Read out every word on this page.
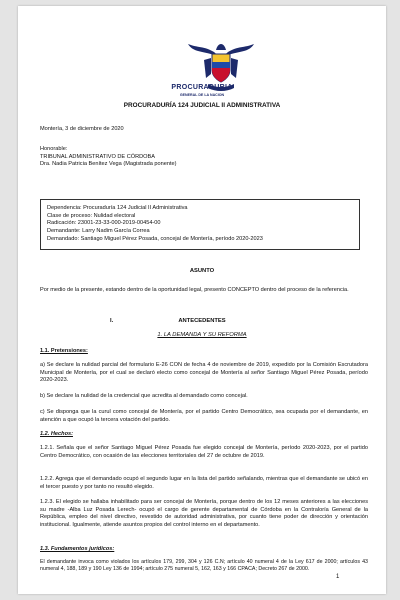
PROCURADURIA
GENERAL DE LA NACION
PROCURADURÍA 124 JUDICIAL II ADMINISTRATIVA
Montería, 3 de diciembre de 2020
Honorable:
TRIBUNAL ADMINISTRATIVO DE CÓRDOBA
Dra. Nadia Patricia Benítez Vega (Magistrada ponente)
Dependencia: Procuraduría 124 Judicial II Administrativa
Clase de proceso: Nulidad electoral
Radicación: 23001-23-33-000-2019-00454-00
Demandante: Larry Nadim García Correa
Demandado: Santiago Miguel Pérez Posada, concejal de Montería, período 2020-2023
ASUNTO
Por medio de la presente, estando dentro de la oportunidad legal, presento CONCEPTO dentro del proceso de la referencia.
I.	ANTECEDENTES
1. LA DEMANDA Y SU REFORMA
1.1. Pretensiones:
a) Se declare la nulidad parcial del formulario E-26 CON de fecha 4 de noviembre de 2019, expedido por la Comisión Escrutadora Municipal de Montería, por el cual se declaró electo como concejal de Montería al señor Santiago Miguel Pérez Posada, período 2020-2023.
b) Se declare la nulidad de la credencial que acredita al demandado como concejal.
c) Se disponga que la curul como concejal de Montería, por el partido Centro Democrático, sea ocupada por el demandante, en atención a que ocupó la tercera votación del partido.
1.2. Hechos:
1.2.1. Señala que el señor Santiago Miguel Pérez Posada fue elegido concejal de Montería, período 2020-2023, por el partido Centro Democrático, con ocasión de las elecciones territoriales del 27 de octubre de 2019.
1.2.2. Agrega que el demandado ocupó el segundo lugar en la lista del partido señalando, mientras que el demandante se ubicó en el tercer puesto y por tanto no resultó elegido.
1.2.3. El elegido se hallaba inhabilitado para ser concejal de Montería, porque dentro de los 12 meses anteriores a las elecciones su madre -Alba Luz Posada Lerech- ocupó el cargo de gerente departamental de Córdoba en la Contraloría General de la República, empleo del nivel directivo, revestido de autoridad administrativa, por cuanto tiene poder de dirección y orientación institucional. Igualmente, atiende asuntos propios del control interno en el departamento.
1.3. Fundamentos jurídicos:
El demandante invoca como violados los artículos 179, 299, 304 y 126 C.N; artículo 40 numeral 4 de la Ley 617 de 2000; artículos 43 numeral 4, 188, 189 y 190 Ley 136 de 1994; artículo 275 numeral 5, 162, 163 y 166 CPACA; Decreto 267 de 2000.
1
